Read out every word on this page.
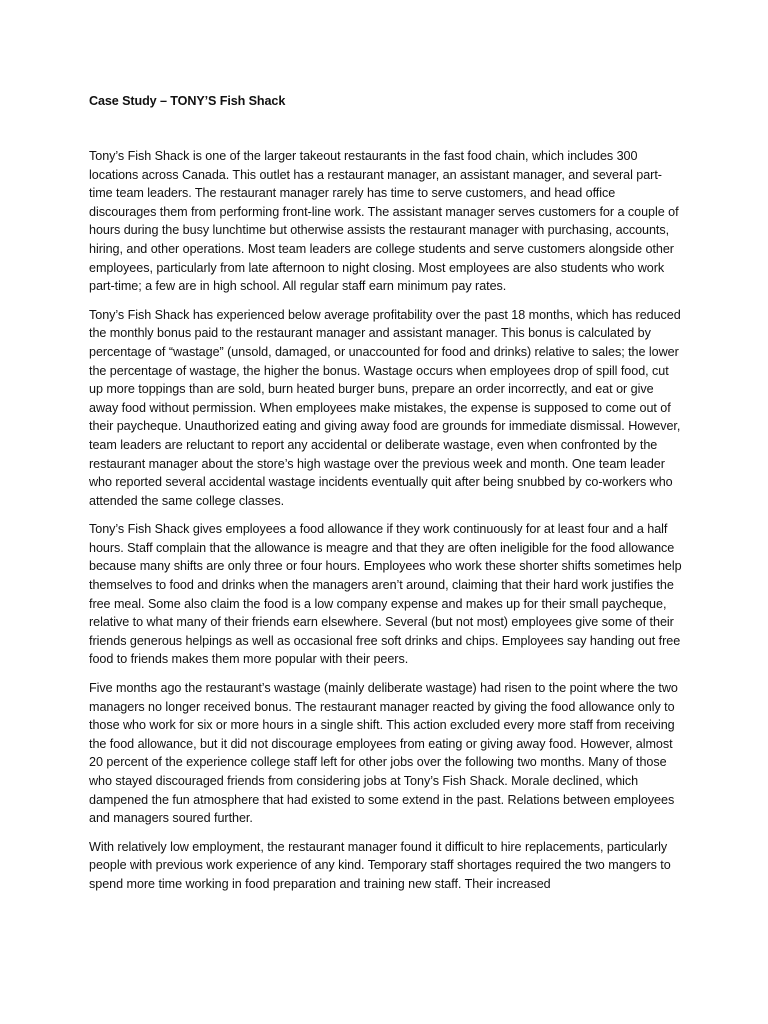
Case Study – TONY’S Fish Shack

Tony’s Fish Shack is one of the larger takeout restaurants in the fast food chain, which includes 300 locations across Canada. This outlet has a restaurant manager, an assistant manager, and several part-time team leaders. The restaurant manager rarely has time to serve customers, and head office discourages them from performing front-line work. The assistant manager serves customers for a couple of hours during the busy lunchtime but otherwise assists the restaurant manager with purchasing, accounts, hiring, and other operations. Most team leaders are college students and serve customers alongside other employees, particularly from late afternoon to night closing. Most employees are also students who work part-time; a few are in high school. All regular staff earn minimum pay rates.

Tony’s Fish Shack has experienced below average profitability over the past 18 months, which has reduced the monthly bonus paid to the restaurant manager and assistant manager. This bonus is calculated by percentage of “wastage” (unsold, damaged, or unaccounted for food and drinks) relative to sales; the lower the percentage of wastage, the higher the bonus. Wastage occurs when employees drop of spill food, cut up more toppings than are sold, burn heated burger buns, prepare an order incorrectly, and eat or give away food without permission. When employees make mistakes, the expense is supposed to come out of their paycheque. Unauthorized eating and giving away food are grounds for immediate dismissal. However, team leaders are reluctant to report any accidental or deliberate wastage, even when confronted by the restaurant manager about the store’s high wastage over the previous week and month. One team leader who reported several accidental wastage incidents eventually quit after being snubbed by co-workers who attended the same college classes.

Tony’s Fish Shack gives employees a food allowance if they work continuously for at least four and a half hours. Staff complain that the allowance is meagre and that they are often ineligible for the food allowance because many shifts are only three or four hours. Employees who work these shorter shifts sometimes help themselves to food and drinks when the managers aren’t around, claiming that their hard work justifies the free meal. Some also claim the food is a low company expense and makes up for their small paycheque, relative to what many of their friends earn elsewhere. Several (but not most) employees give some of their friends generous helpings as well as occasional free soft drinks and chips. Employees say handing out free food to friends makes them more popular with their peers.

Five months ago the restaurant’s wastage (mainly deliberate wastage) had risen to the point where the two managers no longer received bonus. The restaurant manager reacted by giving the food allowance only to those who work for six or more hours in a single shift. This action excluded every more staff from receiving the food allowance, but it did not discourage employees from eating or giving away food. However, almost 20 percent of the experience college staff left for other jobs over the following two months. Many of those who stayed discouraged friends from considering jobs at Tony’s Fish Shack. Morale declined, which dampened the fun atmosphere that had existed to some extend in the past. Relations between employees and managers soured further.

With relatively low employment, the restaurant manager found it difficult to hire replacements, particularly people with previous work experience of any kind. Temporary staff shortages required the two mangers to spend more time working in food preparation and training new staff. Their increased
